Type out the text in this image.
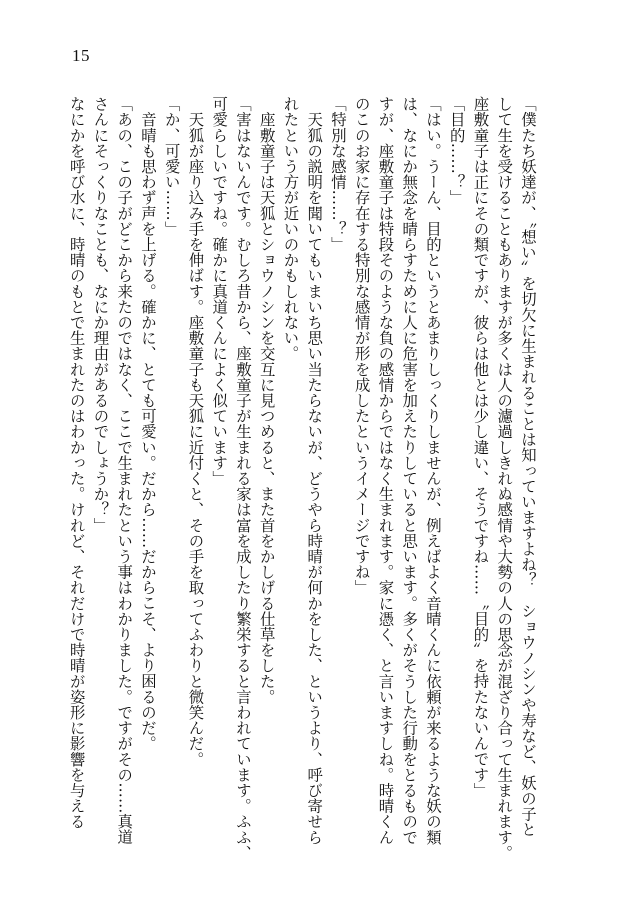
15
「僕たち妖達が、〝想い〟を切欠に生まれることは知っていますよね？　ショウノシンや寿など、妖の子と
して生を受けることもありますが多くは人の濾過しきれぬ感情や大勢の人の思念が混ざり合って生まれます。
座敷童子は正にその類ですが、彼らは他とは少し違い、そうですね……〝目的〟を持たないんです」
「目的……？」
「はい。うーん、目的というとあまりしっくりしませんが、例えばよく音晴くんに依頼が来るような妖の類
は、なにか無念を晴らすために人に危害を加えたりしていると思います。多くがそうした行動をとるもので
すが、座敷童子は特段そのような負の感情からではなく生まれます。家に憑く、と言いますしね。時晴くん
のこのお家に存在する特別な感情が形を成したというイメージですね」
「特別な感情……？」
　天狐の説明を聞いてもいまいち思い当たらないが、どうやら時晴が何かをした、というより、呼び寄せら
れたという方が近いのかもしれない。
　座敷童子は天狐とショウノシンを交互に見つめると、また首をかしげる仕草をした。
「害はないんです。むしろ昔から、座敷童子が生まれる家は富を成したり繁栄すると言われています。ふふ、
可愛らしいですね。確かに真道くんによく似ています」
　天狐が座り込み手を伸ばす。座敷童子も天狐に近付くと、その手を取ってふわりと微笑んだ。
「か、可愛い……」
　音晴も思わず声を上げる。確かに、とても可愛い。だから……だからこそ、より困るのだ。
「あの、この子がどこから来たのではなく、ここで生まれたという事はわかりました。ですがその……真道
さんにそっくりなことも、なにか理由があるのでしょうか？」
なにかを呼び水に、時晴のもとで生まれたのはわかった。けれど、それだけで時晴が姿形に影響を与える
